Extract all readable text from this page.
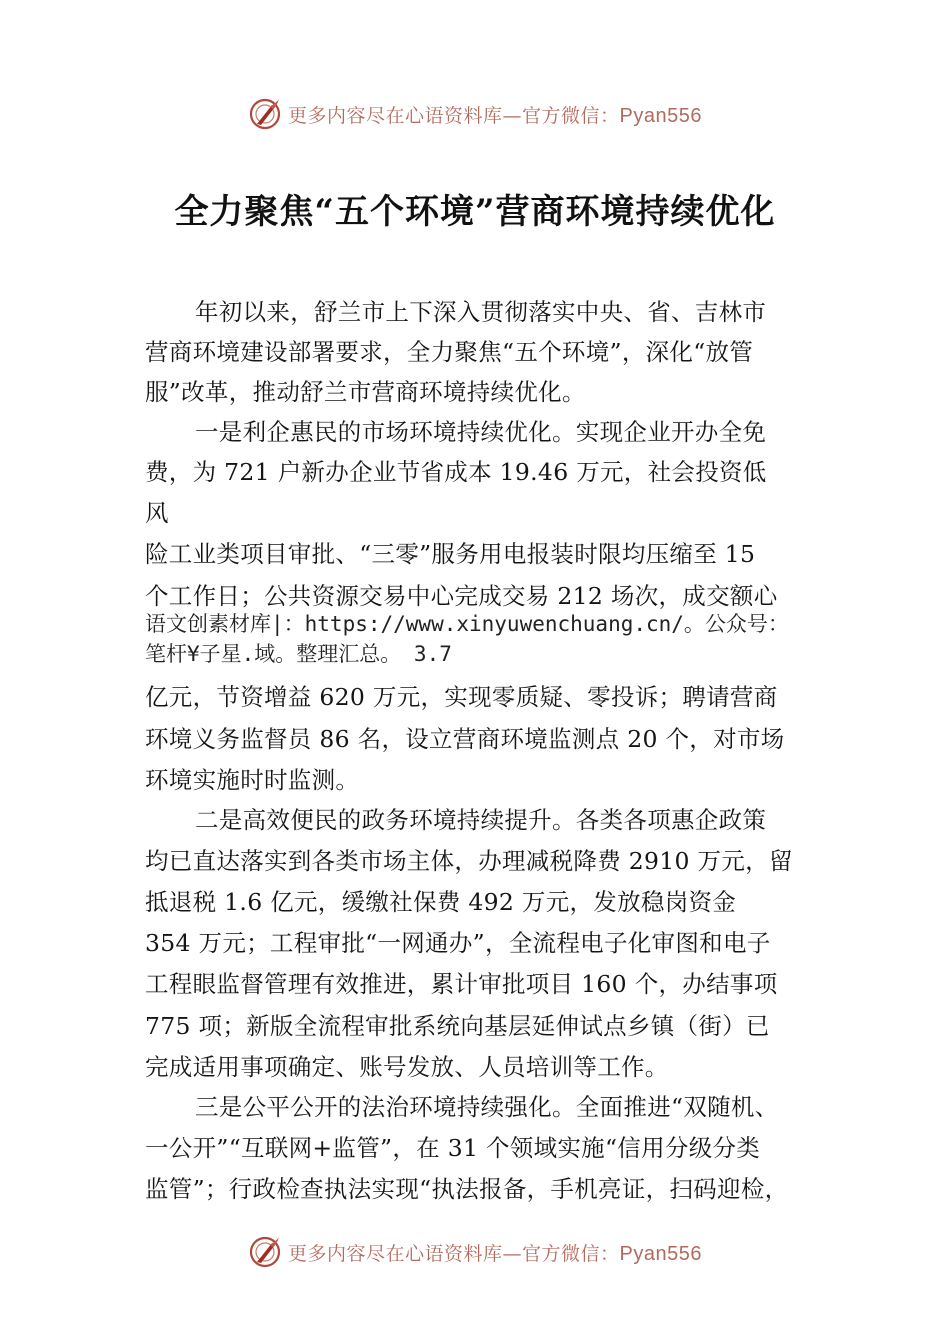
更多内容尽在心语资料库—官方微信：Pyan556
全力聚焦“五个环境”营商环境持续优化
年初以来，舒兰市上下深入贯彻落实中央、省、吉林市
营商环境建设部署要求，全力聚焦“五个环境”，深化“放管
服”改革，推动舒兰市营商环境持续优化。
一是利企惠民的市场环境持续优化。实现企业开办全免
费，为 721 户新办企业节省成本 19.46 万元，社会投资低
风
险工业类项目审批、“三零”服务用电报装时限均压缩至 15
个工作日；公共资源交易中心完成交易 212 场次，成交额心
语文创素材库|：https://www.xinyuwenchuang.cn/。公众号：
笔杆¥子星.域。整理汇总。 3.7
亿元，节资增益 620 万元，实现零质疑、零投诉；聘请营商
环境义务监督员 86 名，设立营商环境监测点 20 个，对市场
环境实施时时监测。
二是高效便民的政务环境持续提升。各类各项惠企政策
均已直达落实到各类市场主体，办理减税降费 2910 万元，留
抵退税 1.6 亿元，缓缴社保费 492 万元，发放稳岗资金
354 万元；工程审批“一网通办”，全流程电子化审图和电子
工程眼监督管理有效推进，累计审批项目 160 个，办结事项
775 项；新版全流程审批系统向基层延伸试点乡镇（街）已
完成适用事项确定、账号发放、人员培训等工作。
三是公平公开的法治环境持续强化。全面推进“双随机、
一公开”“互联网+监管”，在 31 个领域实施“信用分级分类
监管”；行政检查执法实现“执法报备，手机亮证，扫码迎检，
更多内容尽在心语资料库—官方微信：Pyan556
